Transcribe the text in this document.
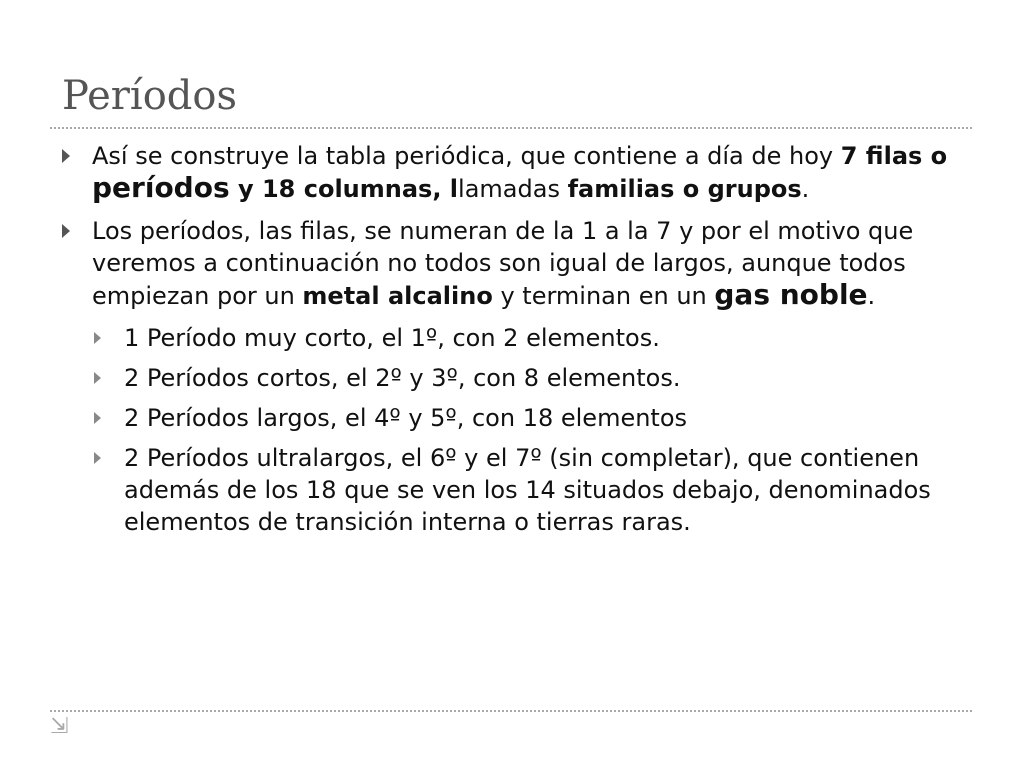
Períodos

Así se construye la tabla periódica, que contiene a día de hoy 7 filas o períodos y 18 columnas, llamadas familias o grupos.

Los períodos, las filas, se numeran de la 1 a la 7 y por el motivo que veremos a continuación no todos son igual de largos, aunque todos empiezan por un metal alcalino y terminan en un gas noble.

1 Período muy corto, el 1º, con 2 elementos.

2 Períodos cortos, el 2º y 3º, con 8 elementos.

2 Períodos largos, el 4º y 5º, con 18 elementos

2 Períodos ultralargos, el 6º y el 7º (sin completar), que contienen además de los 18 que se ven los 14 situados debajo, denominados elementos de transición interna o tierras raras.

⇲
